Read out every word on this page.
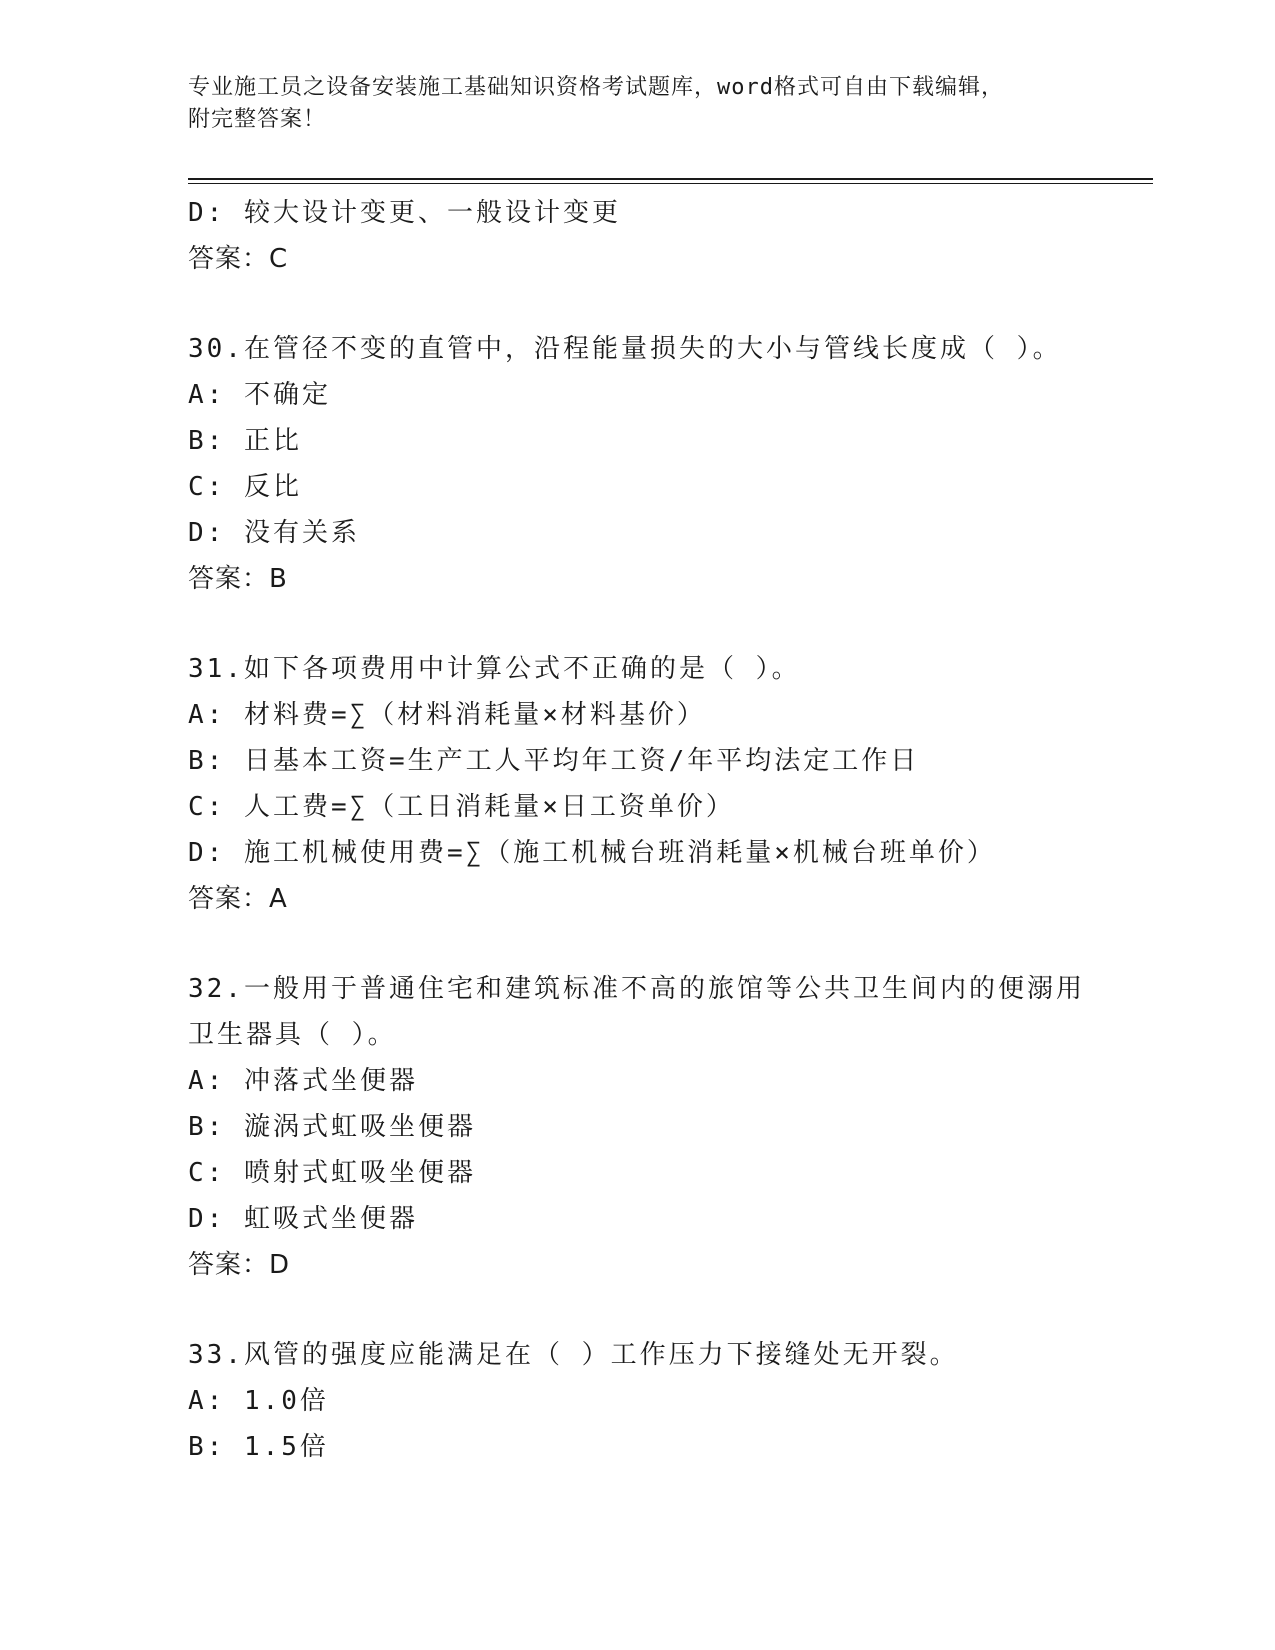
专业施工员之设备安装施工基础知识资格考试题库，word格式可自由下载编辑，
附完整答案！
D: 较大设计变更、一般设计变更
答案：C
30.在管径不变的直管中，沿程能量损失的大小与管线长度成（ ）。
A: 不确定
B: 正比
C: 反比
D: 没有关系
答案：B
31.如下各项费用中计算公式不正确的是（ ）。
A: 材料费=∑（材料消耗量×材料基价）
B: 日基本工资=生产工人平均年工资/年平均法定工作日
C: 人工费=∑（工日消耗量×日工资单价）
D: 施工机械使用费=∑（施工机械台班消耗量×机械台班单价）
答案：A
32.一般用于普通住宅和建筑标准不高的旅馆等公共卫生间内的便溺用
卫生器具（ ）。
A: 冲落式坐便器
B: 漩涡式虹吸坐便器
C: 喷射式虹吸坐便器
D: 虹吸式坐便器
答案：D
33.风管的强度应能满足在（ ）工作压力下接缝处无开裂。
A: 1.0倍
B: 1.5倍
